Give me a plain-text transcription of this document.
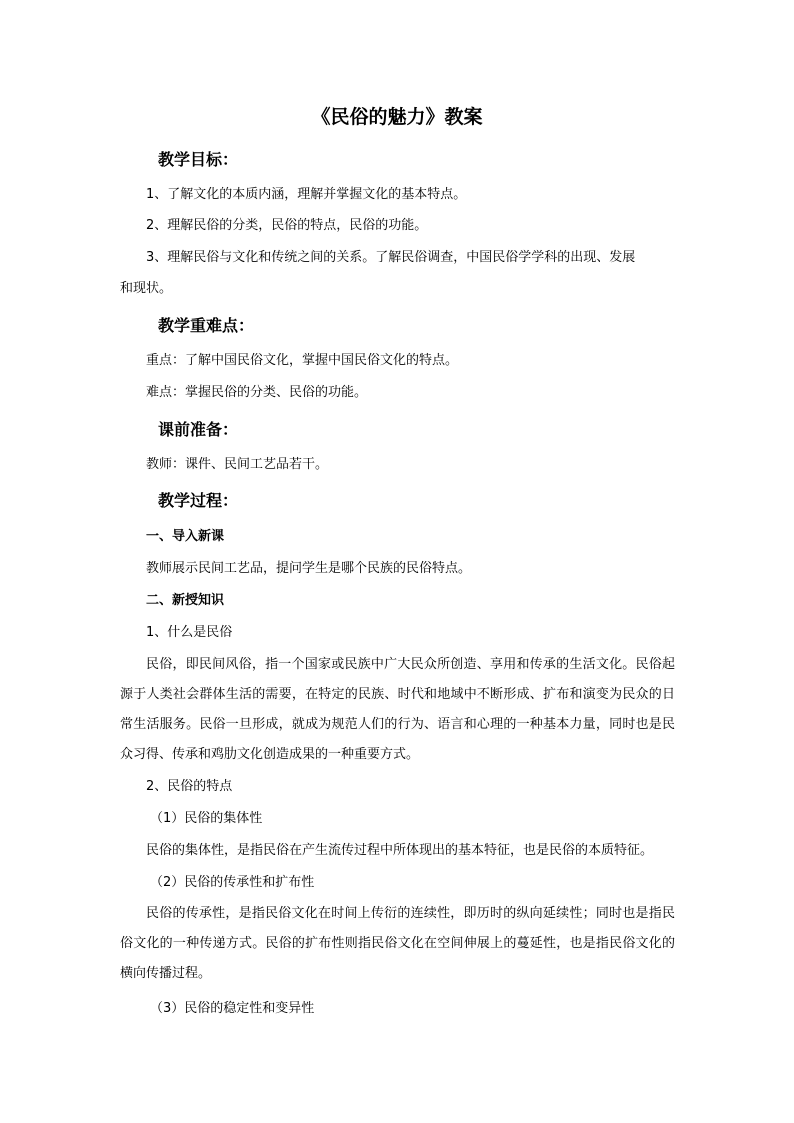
《民俗的魅力》教案
教学目标：
1、了解文化的本质内涵，理解并掌握文化的基本特点。
2、理解民俗的分类，民俗的特点，民俗的功能。
3、理解民俗与文化和传统之间的关系。了解民俗调查，中国民俗学学科的出现、发展
和现状。
教学重难点：
重点：了解中国民俗文化，掌握中国民俗文化的特点。
难点：掌握民俗的分类、民俗的功能。
课前准备：
教师：课件、民间工艺品若干。
教学过程：
一、导入新课
教师展示民间工艺品，提问学生是哪个民族的民俗特点。
二、新授知识
1、什么是民俗
民俗，即民间风俗，指一个国家或民族中广大民众所创造、享用和传承的生活文化。民俗起源于人类社会群体生活的需要，在特定的民族、时代和地域中不断形成、扩布和演变为民众的日常生活服务。民俗一旦形成，就成为规范人们的行为、语言和心理的一种基本力量，同时也是民众习得、传承和鸡肋文化创造成果的一种重要方式。
2、民俗的特点
（1）民俗的集体性
民俗的集体性，是指民俗在产生流传过程中所体现出的基本特征，也是民俗的本质特征。
（2）民俗的传承性和扩布性
民俗的传承性，是指民俗文化在时间上传衍的连续性，即历时的纵向延续性；同时也是指民俗文化的一种传递方式。民俗的扩布性则指民俗文化在空间伸展上的蔓延性，也是指民俗文化的横向传播过程。
（3）民俗的稳定性和变异性
